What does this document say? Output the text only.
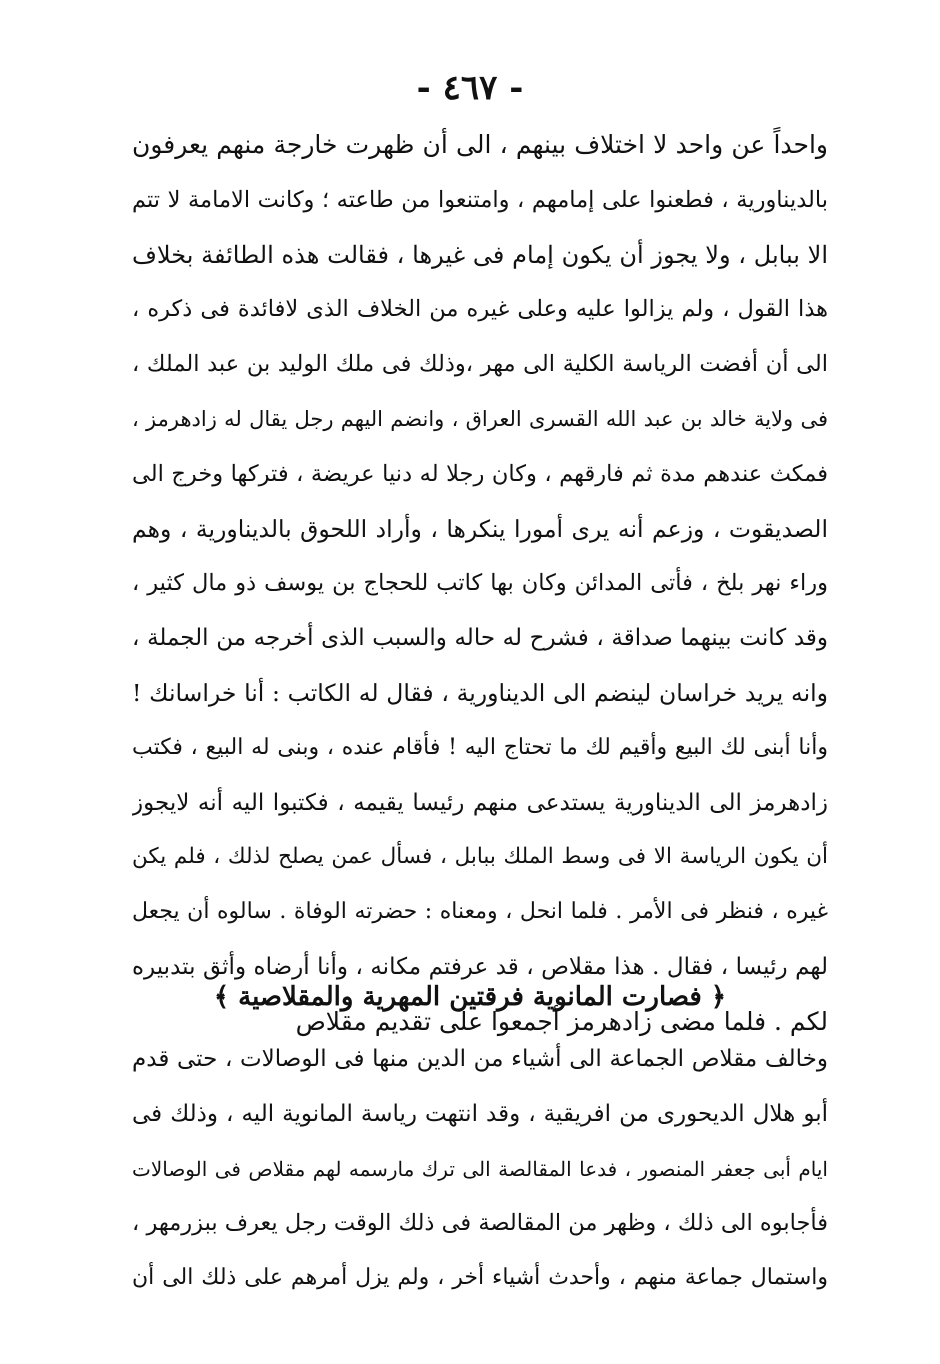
- ٤٦٧ -
واحداً عن واحد لا اختلاف بينهم ، الى أن ظهرت خارجة منهم يعرفون
بالديناورية ، فطعنوا على إمامهم ، وامتنعوا من طاعته ؛ وكانت الامامة لا تتم
الا ببابل ، ولا يجوز أن يكون إمام فى غيرها ، فقالت هذه الطائفة بخلاف
هذا القول ، ولم يزالوا عليه وعلى غيره من الخلاف الذى لافائدة فى ذكره ،
الى أن أفضت الرياسة الكلية الى مهر ،وذلك فى ملك الوليد بن عبد الملك ،
فى ولاية خالد بن عبد الله القسرى العراق ، وانضم اليهم رجل يقال له زادهرمز ،
فمكث عندهم مدة ثم فارقهم ، وكان رجلا له دنيا عريضة ، فتركها وخرج الى
الصديقوت ، وزعم أنه يرى أمورا ينكرها ، وأراد اللحوق بالديناورية ، وهم
وراء نهر بلخ ، فأتى المدائن وكان بها كاتب للحجاج بن يوسف ذو مال كثير ،
وقد كانت بينهما صداقة ، فشرح له حاله والسبب الذى أخرجه من الجملة ،
وانه يريد خراسان لينضم الى الديناورية ، فقال له الكاتب : أنا خراسانك !
وأنا أبنى لك البيع وأقيم لك ما تحتاج اليه ! فأقام عنده ، وبنى له البيع ، فكتب
زادهرمز الى الديناورية يستدعى منهم رئيسا يقيمه ، فكتبوا اليه أنه لايجوز
أن يكون الرياسة الا فى وسط الملك ببابل ، فسأل عمن يصلح لذلك ، فلم يكن
غيره ، فنظر فى الأمر . فلما انحل ، ومعناه : حضرته الوفاة . سالوه أن يجعل
لهم رئيسا ، فقال . هذا مقلاص ، قد عرفتم مكانه ، وأنا أرضاه وأثق بتدبيره
لكم . فلما مضى زادهرمز أجمعوا على تقديم مقلاص
﴿ فصارت المانوية فرقتين المهرية والمقلاصية ﴾
وخالف مقلاص الجماعة الى أشياء من الدين منها فى الوصالات ، حتى قدم
أبو هلال الديحورى من افريقية ، وقد انتهت رياسة المانوية اليه ، وذلك فى
ايام أبى جعفر المنصور ، فدعا المقالصة الى ترك مارسمه لهم مقلاص فى الوصالات
فأجابوه الى ذلك ، وظهر من المقالصة فى ذلك الوقت رجل يعرف ببزرمهر ،
واستمال جماعة منهم ، وأحدث أشياء أخر ، ولم يزل أمرهم على ذلك الى أن
